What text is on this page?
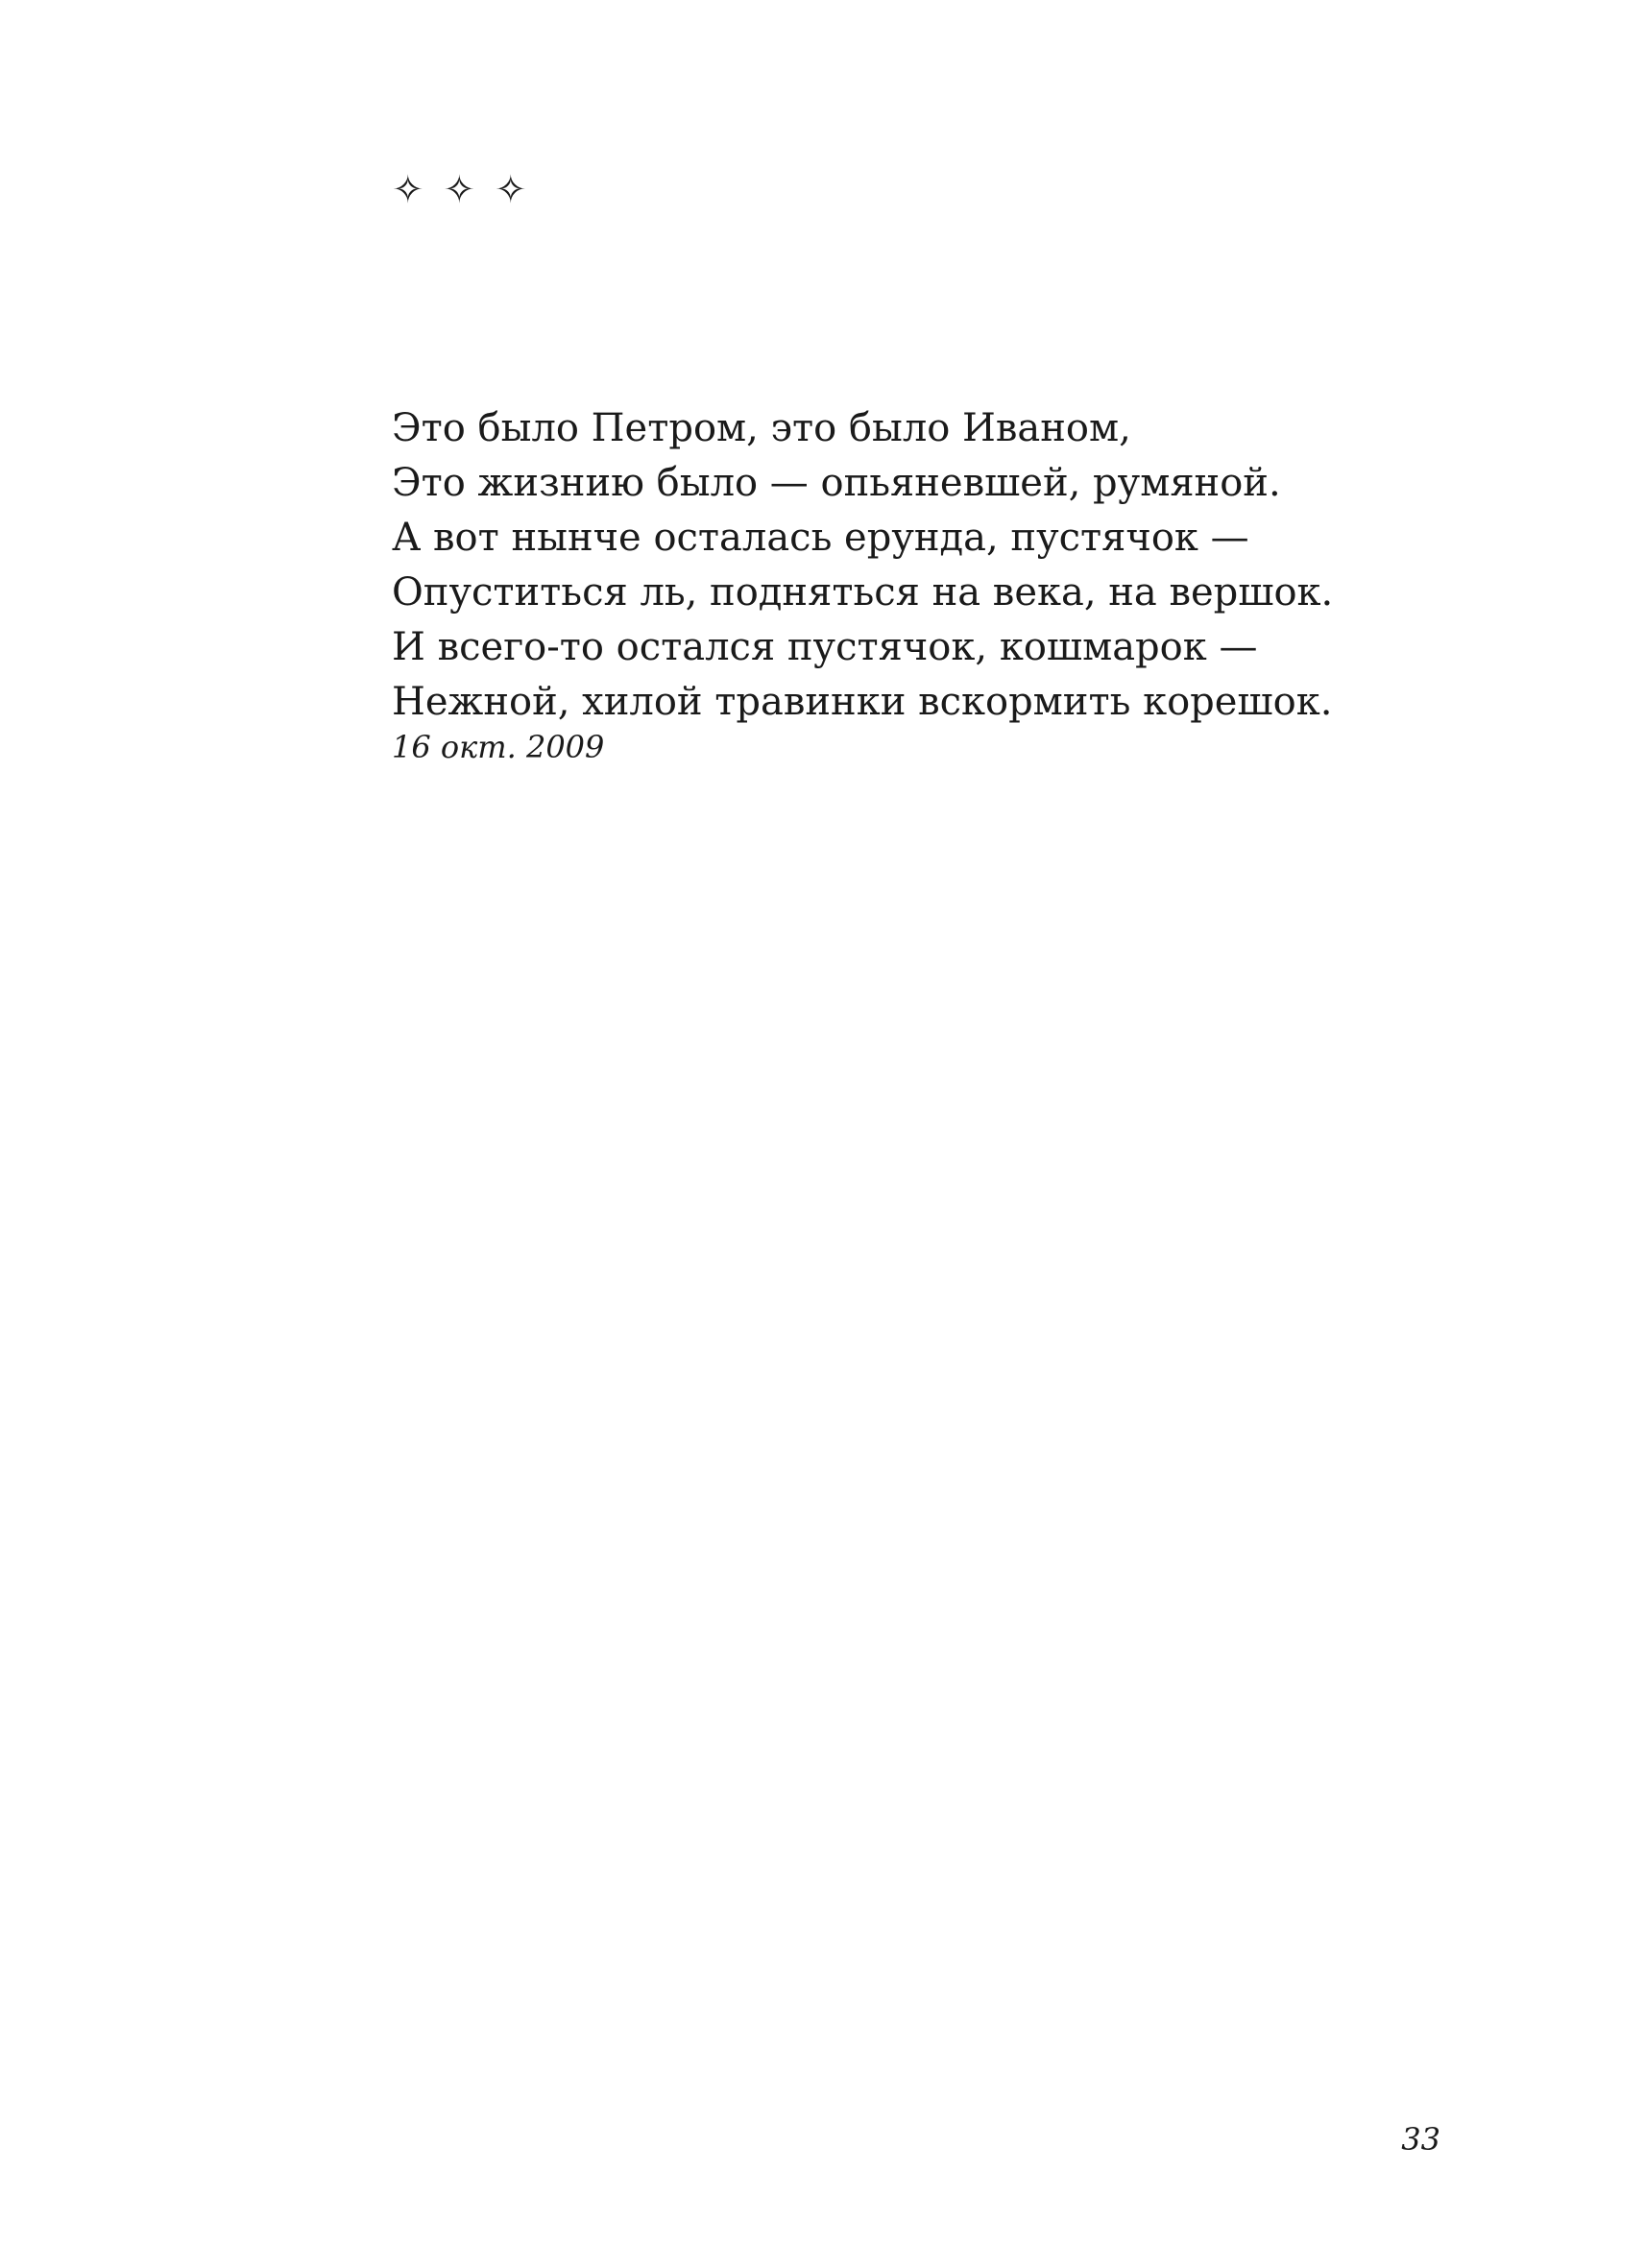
✧ ✧ ✧
Это было Петром, это было Иваном,
Это жизнию было — опьяневшей, румяной.
А вот нынче осталась ерунда, пустячок —
Опуститься ль, подняться на века, на вершок.
И всего-то остался пустячок, кошмарок —
Нежной, хилой травинки вскормить корешок.
16 окт. 2009
33
